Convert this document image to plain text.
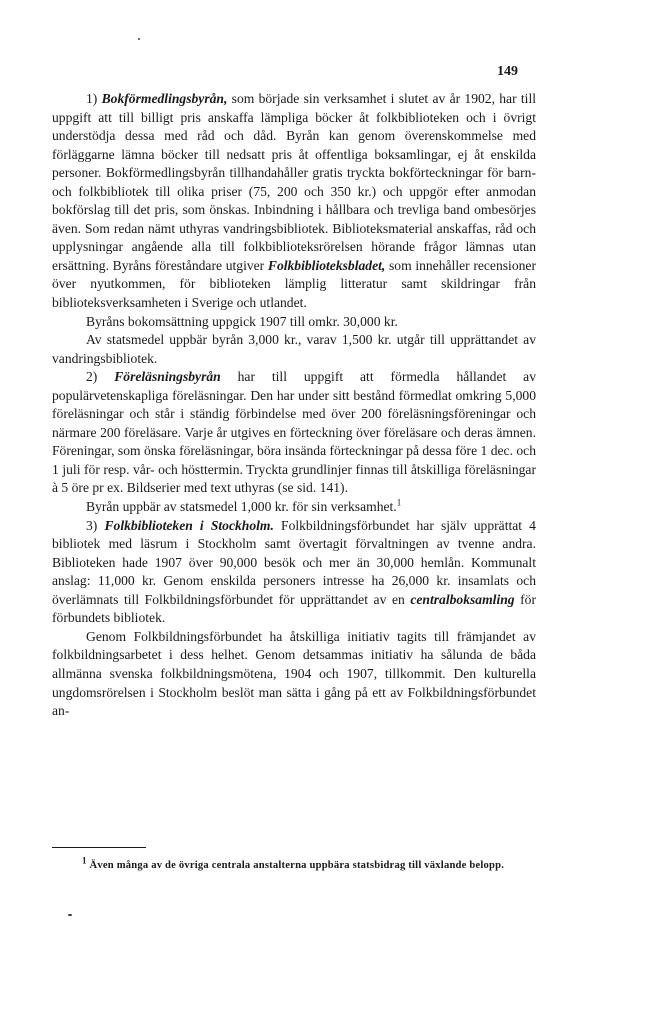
149

1) Bokförmedlingsbyrån, som började sin verksamhet i slutet av år 1902, har till uppgift att till billigt pris anskaffa lämpliga böcker åt folkbiblioteken och i övrigt understödja dessa med råd och dåd. Byrån kan genom överenskommelse med förläggarne lämna böcker till nedsatt pris åt offentliga boksamlingar, ej åt enskilda personer. Bokförmedlingsbyrån tillhandahåller gratis tryckta bokförteckningar för barn- och folkbibliotek till olika priser (75, 200 och 350 kr.) och uppgör efter anmodan bokförslag till det pris, som önskas. Inbindning i hållbara och trevliga band ombesörjes även. Som redan nämt uthyras vandringsbibliotek. Biblioteksmaterial anskaffas, råd och upplysningar angående alla till folkbiblioteksrörelsen hörande frågor lämnas utan ersättning. Byråns föreståndare utgiver Folkbiblioteksbladet, som innehåller recensioner över nyutkommen, för biblioteken lämplig litteratur samt skildringar från biblioteksverksamheten i Sverige och utlandet.

Byråns bokomsättning uppgick 1907 till omkr. 30,000 kr.

Av statsmedel uppbär byrån 3,000 kr., varav 1,500 kr. utgår till upprättandet av vandringsbibliotek.

2) Föreläsningsbyrån har till uppgift att förmedla hållandet av populärvetenskapliga föreläsningar. Den har under sitt bestånd förmedlat omkring 5,000 föreläsningar och står i ständig förbindelse med över 200 föreläsningsföreningar och närmare 200 föreläsare. Varje år utgives en förteckning över föreläsare och deras ämnen. Föreningar, som önska föreläsningar, böra insända förteckningar på dessa före 1 dec. och 1 juli för resp. vår- och hösttermin. Tryckta grundlinjer finnas till åtskilliga föreläsningar à 5 öre pr ex. Bildserier med text uthyras (se sid. 141).

Byrån uppbär av statsmedel 1,000 kr. för sin verksamhet.$^1$

3) Folkbiblioteken i Stockholm. Folkbildningsförbundet har själv upprättat 4 bibliotek med läsrum i Stockholm samt övertagit förvaltningen av tvenne andra. Biblioteken hade 1907 över 90,000 besök och mer än 30,000 hemlån. Kommunalt anslag: 11,000 kr. Genom enskilda personers intresse ha 26,000 kr. insamlats och överlämnats till Folkbildningsförbundet för upprättandet av en centralboksamling för förbundets bibliotek.

Genom Folkbildningsförbundet ha åtskilliga initiativ tagits till främjandet av folkbildningsarbetet i dess helhet. Genom detsammas initiativ ha sålunda de båda allmänna svenska folkbildningsmötena, 1904 och 1907, tillkommit. Den kulturella ungdomsrörelsen i Stockholm beslöt man sätta i gång på ett av Folkbildningsförbundet an-

$^1$ Även många av de övriga centrala anstalterna uppbära statsbidrag till växlande belopp.
